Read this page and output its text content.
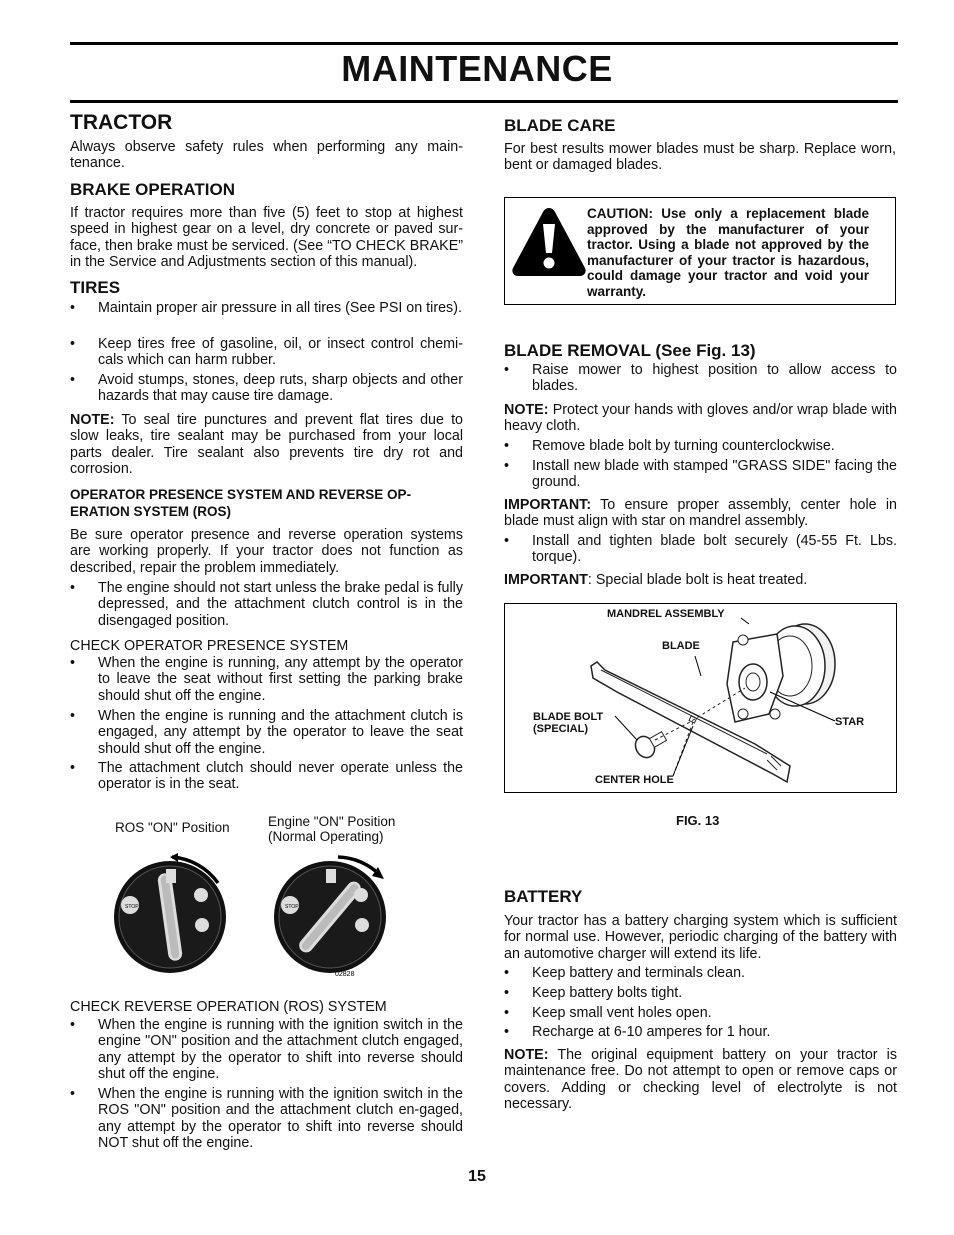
MAINTENANCE
TRACTOR
Always observe safety rules when performing any main-tenance.
BRAKE OPERATION
If tractor requires more than five (5) feet to stop at highest speed in highest gear on a level, dry concrete or paved sur-face, then brake must be serviced. (See “TO CHECK BRAKE” in the Service and Adjustments section of this manual).
TIRES
• Maintain proper air pressure in all tires (See PSI on tires).
• Keep tires free of gasoline, oil, or insect control chemi-cals which can harm rubber.
• Avoid stumps, stones, deep ruts, sharp objects and other hazards that may cause tire damage.
NOTE: To seal tire punctures and prevent flat tires due to slow leaks, tire sealant may be purchased from your local parts dealer. Tire sealant also prevents tire dry rot and corrosion.
OPERATOR PRESENCE SYSTEM AND REVERSE OP-ERATION SYSTEM (ROS)
Be sure operator presence and reverse operation systems are working properly. If your tractor does not function as described, repair the problem immediately.
• The engine should not start unless the brake pedal is fully depressed, and the attachment clutch control is in the disengaged position.
CHECK OPERATOR PRESENCE SYSTEM
• When the engine is running, any attempt by the operator to leave the seat without first setting the parking brake should shut off the engine.
• When the engine is running and the attachment clutch is engaged, any attempt by the operator to leave the seat should shut off the engine.
• The attachment clutch should never operate unless the operator is in the seat.
ROS "ON" Position	Engine "ON" Position
(Normal Operating)
STOP	STOP
02828
CHECK REVERSE OPERATION (ROS) SYSTEM
• When the engine is running with the ignition switch in the engine "ON" position and the attachment clutch engaged, any attempt by the operator to shift into reverse should shut off the engine.
• When the engine is running with the ignition switch in the ROS "ON" position and the attachment clutch en-gaged, any attempt by the operator to shift into reverse should NOT shut off the engine.
BLADE CARE
For best results mower blades must be sharp. Replace worn, bent or damaged blades.
CAUTION: Use only a replacement blade approved by the manufacturer of your tractor. Using a blade not approved by the manufacturer of your tractor is hazardous, could damage your tractor and void your warranty.
BLADE REMOVAL (See Fig. 13)
• Raise mower to highest position to allow access to blades.
NOTE: Protect your hands with gloves and/or wrap blade with heavy cloth.
• Remove blade bolt by turning counterclockwise.
• Install new blade with stamped "GRASS SIDE" facing the ground.
IMPORTANT: To ensure proper assembly, center hole in blade must align with star on mandrel assembly.
• Install and tighten blade bolt securely (45-55 Ft. Lbs. torque).
IMPORTANT: Special blade bolt is heat treated.
MANDREL ASSEMBLY
BLADE
BLADE BOLT
(SPECIAL)
STAR
CENTER HOLE
FIG. 13
BATTERY
Your tractor has a battery charging system which is sufficient for normal use. However, periodic charging of the battery with an automotive charger will extend its life.
• Keep battery and terminals clean.
• Keep battery bolts tight.
• Keep small vent holes open.
• Recharge at 6-10 amperes for 1 hour.
NOTE: The original equipment battery on your tractor is maintenance free. Do not attempt to open or remove caps or covers. Adding or checking level of electrolyte is not necessary.
15
